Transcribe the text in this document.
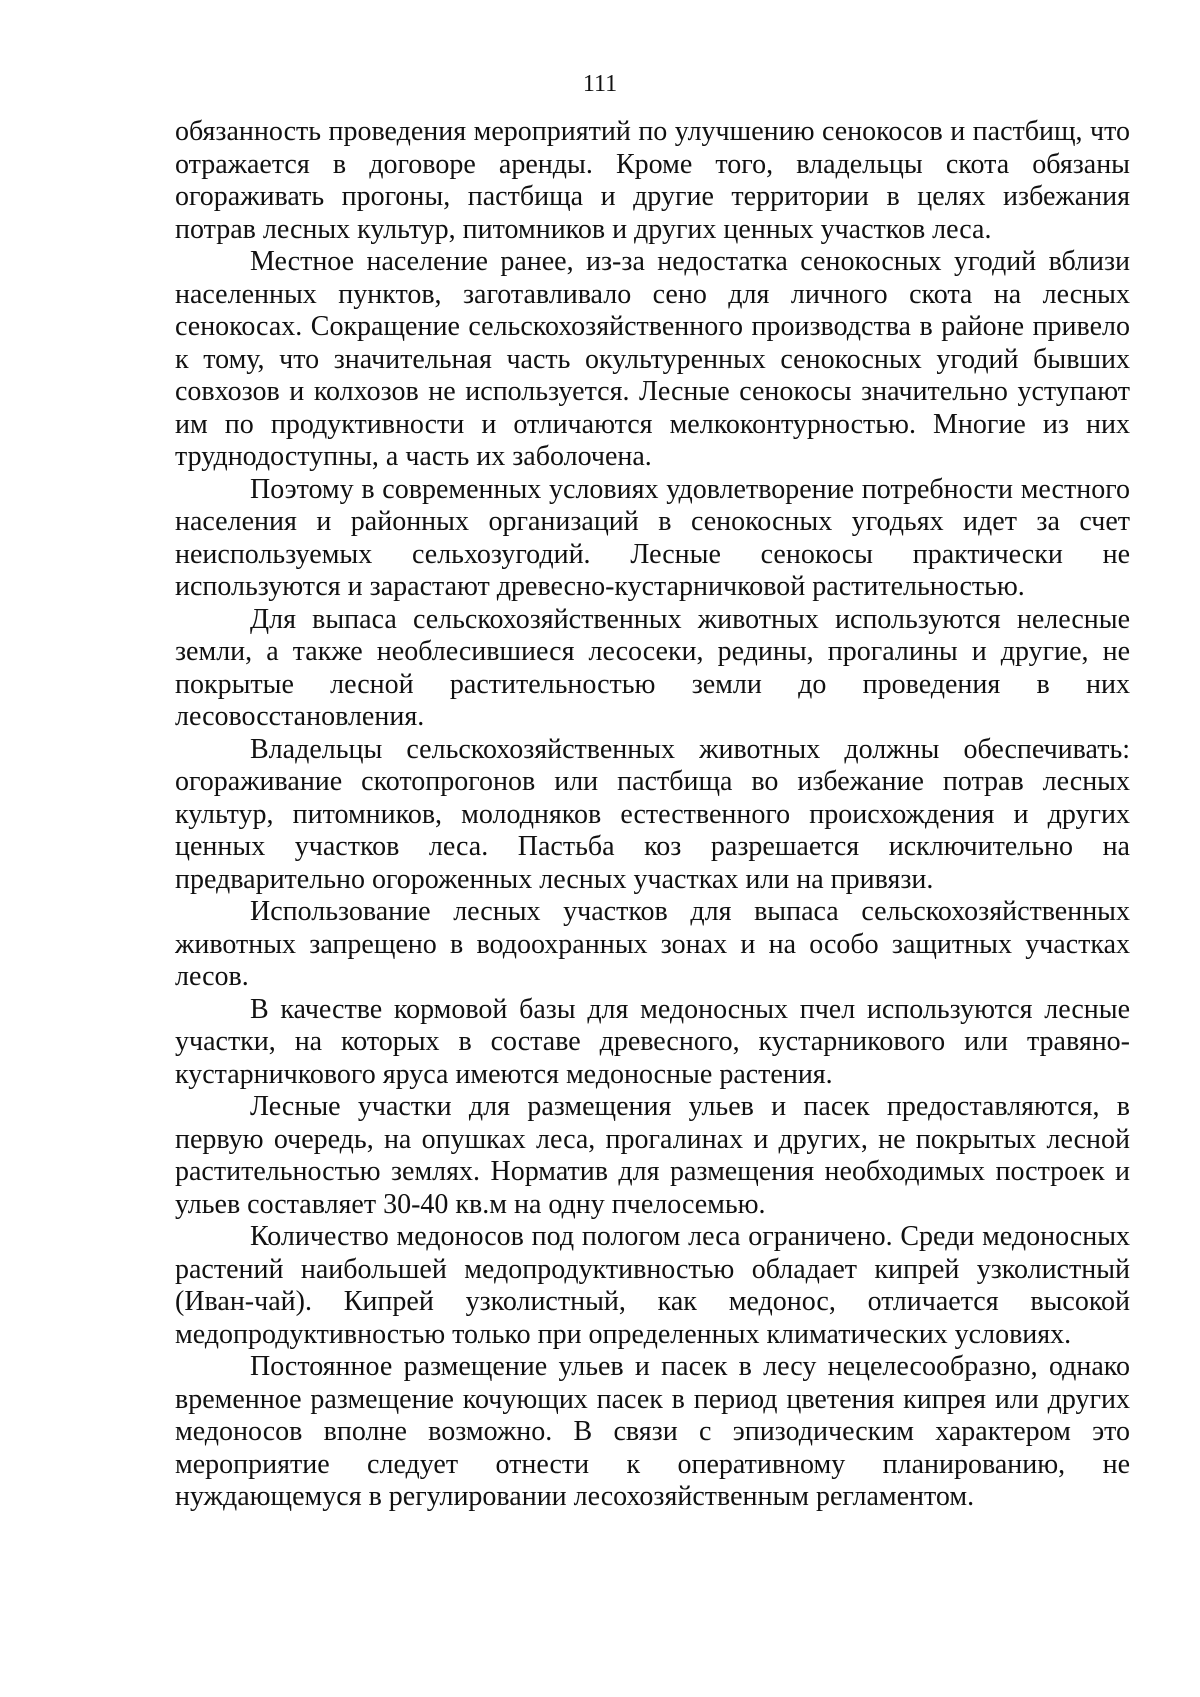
111

обязанность проведения мероприятий по улучшению сенокосов и пастбищ, что отражается в договоре аренды. Кроме того, владельцы скота обязаны огораживать прогоны, пастбища и другие территории в целях избежания потрав лесных культур, питомников и других ценных участков леса.

Местное население ранее, из-за недостатка сенокосных угодий вблизи населенных пунктов, заготавливало сено для личного скота на лесных сенокосах. Сокращение сельскохозяйственного производства в районе привело к тому, что значительная часть окультуренных сенокосных угодий бывших совхозов и колхозов не используется. Лесные сенокосы значительно уступают им по продуктивности и отличаются мелкоконтурностью. Многие из них труднодоступны, а часть их заболочена.

Поэтому в современных условиях удовлетворение потребности местного населения и районных организаций в сенокосных угодьях идет за счет неиспользуемых сельхозугодий. Лесные сенокосы практически не используются и зарастают древесно-кустарничковой растительностью.

Для выпаса сельскохозяйственных животных используются нелесные земли, а также необлесившиеся лесосеки, редины, прогалины и другие, не покрытые лесной растительностью земли до проведения в них лесовосстановления.

Владельцы сельскохозяйственных животных должны обеспечивать: огораживание скотопрогонов или пастбища во избежание потрав лесных культур, питомников, молодняков естественного происхождения и других ценных участков леса. Пастьба коз разрешается исключительно на предварительно огороженных лесных участках или на привязи.

Использование лесных участков для выпаса сельскохозяйственных животных запрещено в водоохранных зонах и на особо защитных участках лесов.

В качестве кормовой базы для медоносных пчел используются лесные участки, на которых в составе древесного, кустарникового или травяно-кустарничкового яруса имеются медоносные растения.

Лесные участки для размещения ульев и пасек предоставляются, в первую очередь, на опушках леса, прогалинах и других, не покрытых лесной растительностью землях. Норматив для размещения необходимых построек и ульев составляет 30-40 кв.м на одну пчелосемью.

Количество медоносов под пологом леса ограничено. Среди медоносных растений наибольшей медопродуктивностью обладает кипрей узколистный (Иван-чай). Кипрей узколистный, как медонос, отличается высокой медопродуктивностью только при определенных климатических условиях.

Постоянное размещение ульев и пасек в лесу нецелесообразно, однако временное размещение кочующих пасек в период цветения кипрея или других медоносов вполне возможно. В связи с эпизодическим характером это мероприятие следует отнести к оперативному планированию, не нуждающемуся в регулировании лесохозяйственным регламентом.
